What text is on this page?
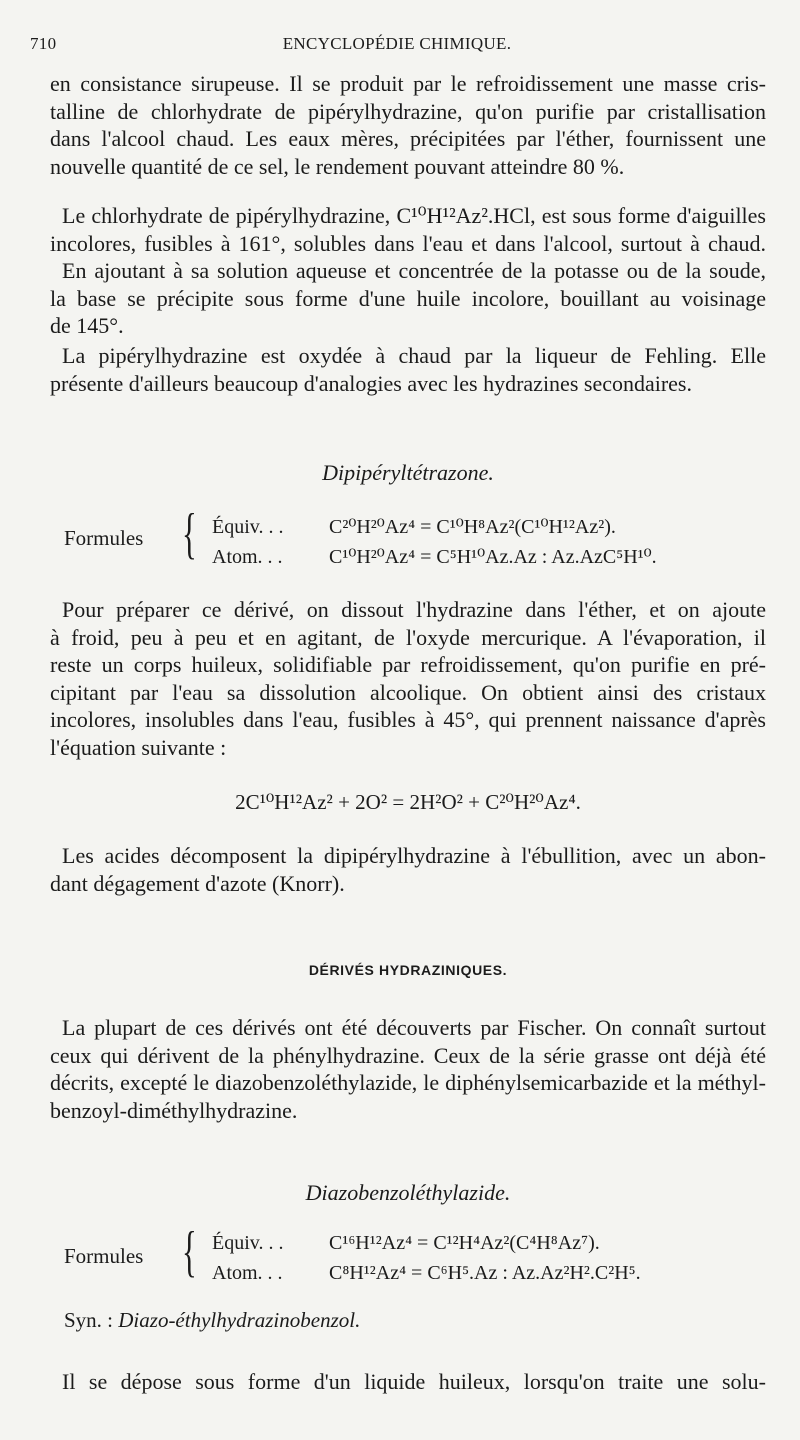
710	ENCYCLOPÉDIE CHIMIQUE.
en consistance sirupeuse. Il se produit par le refroidissement une masse cris-
talline de chlorhydrate de pipérylhydrazine, qu'on purifie par cristallisation
dans l'alcool chaud. Les eaux mères, précipitées par l'éther, fournissent une
nouvelle quantité de ce sel, le rendement pouvant atteindre 80 %.
Le chlorhydrate de pipérylhydrazine, C¹⁰H¹²Az².HCl, est sous forme d'aiguilles
incolores, fusibles à 161°, solubles dans l'eau et dans l'alcool, surtout à chaud.
En ajoutant à sa solution aqueuse et concentrée de la potasse ou de la soude,
la base se précipite sous forme d'une huile incolore, bouillant au voisinage
de 145°.
La pipérylhydrazine est oxydée à chaud par la liqueur de Fehling. Elle
présente d'ailleurs beaucoup d'analogies avec les hydrazines secondaires.
Dipipéryltétrazone.
Formules { Équiv. . . C²⁰H²⁰Az⁴ = C¹⁰H⁸Az²(C¹⁰H¹²Az²).
Atom. . . C¹⁰H²⁰Az⁴ = C⁵H¹⁰Az.Az : Az.AzC⁵H¹⁰.
Pour préparer ce dérivé, on dissout l'hydrazine dans l'éther, et on ajoute
à froid, peu à peu et en agitant, de l'oxyde mercurique. A l'évaporation, il
reste un corps huileux, solidifiable par refroidissement, qu'on purifie en pré-
cipitant par l'eau sa dissolution alcoolique. On obtient ainsi des cristaux
incolores, insolubles dans l'eau, fusibles à 45°, qui prennent naissance d'après
l'équation suivante :
2C¹⁰H¹²Az² + 2O² = 2H²O² + C²⁰H²⁰Az⁴.
Les acides décomposent la dipipérylhydrazine à l'ébullition, avec un abon-
dant dégagement d'azote (Knorr).
DÉRIVÉS HYDRAZINIQUES.
La plupart de ces dérivés ont été découverts par Fischer. On connaît surtout
ceux qui dérivent de la phénylhydrazine. Ceux de la série grasse ont déjà été
décrits, excepté le diazobenzoléthylazide, le diphénylsemicarbazide et la méthyl-
benzoyl-diméthylhydrazine.
Diazobenzoléthylazide.
Formules { Équiv. . . C¹⁶H¹²Az⁴ = C¹²H⁴Az²(C⁴H⁸Az⁷).
Atom. . . C⁸H¹²Az⁴ = C⁶H⁵.Az : Az.Az²H².C²H⁵.
Syn. : Diazo-éthylhydrazinobenzol.
Il se dépose sous forme d'un liquide huileux, lorsqu'on traite une solu-
